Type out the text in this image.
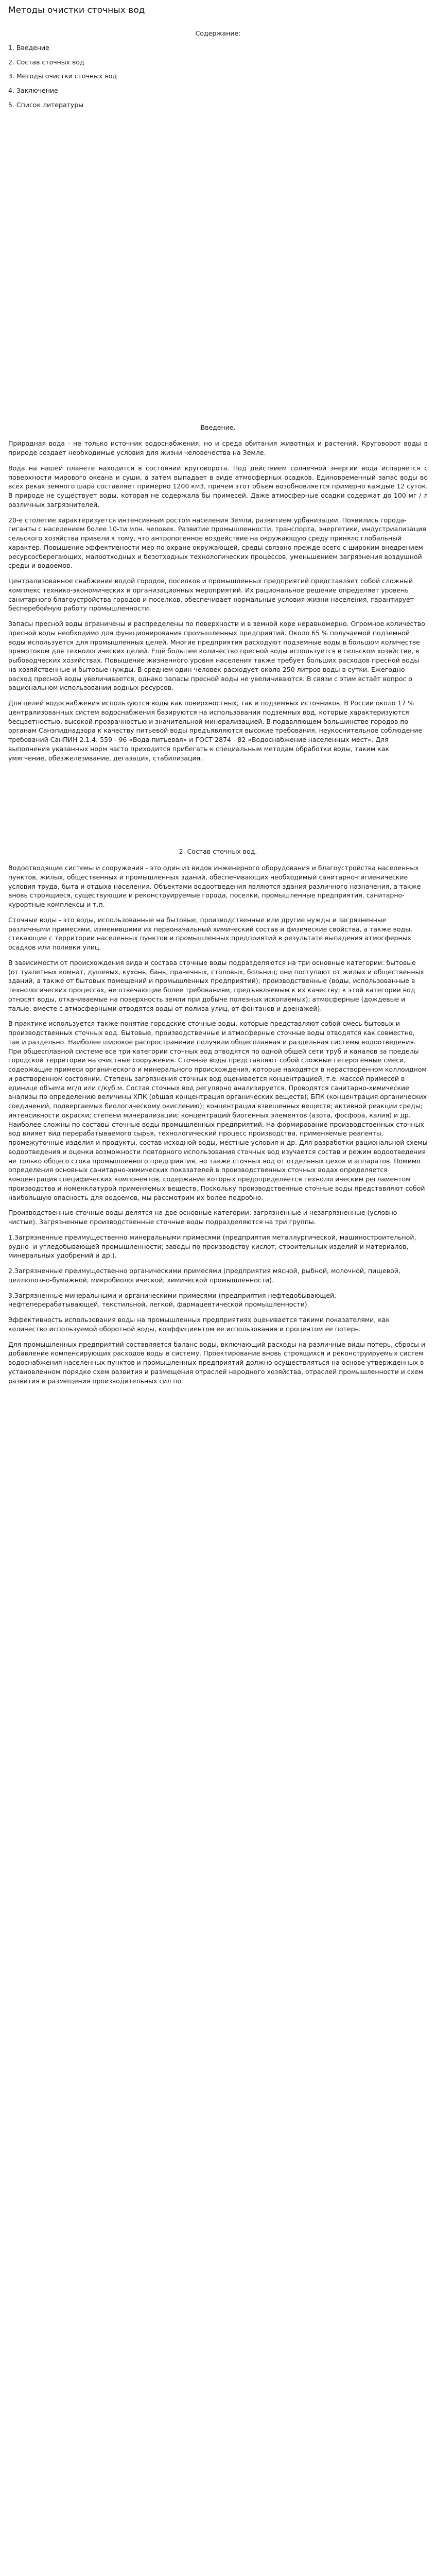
Методы очистки сточных вод
Содержание:
1. Введение
2. Состав сточных вод
3. Методы очистки сточных вод
4. Заключение
5. Список литературы
Введение.

Природная вода - не только источник водоснабжения, но и среда обитания животных и растений. Круговорот воды в природе создает необходимые условия для жизни человечества на Земле.

Вода на нашей планете находится в состоянии круговорота. Под действием солнечной энергии вода испаряется с поверхности мирового океана и суши, а затем выпадает в виде атмосферных осадков. Единовременный запас воды во всех реках земного шара составляет примерно 1200 км3, причем этот объем возобновляется примерно каждые 12 суток. В природе не существует воды, которая не содержала бы примесей. Даже атмосферные осадки содержат до 100 мг / л различных загрязнителей.

20-е столетие характеризуется интенсивным ростом населения Земли, развитием урбанизации. Появились города-гиганты с населением более 10-ти млн. человек. Развитие промышленности, транспорта, энергетики, индустриализация сельского хозяйства привели к тому, что антропогенное воздействие на окружающую среду приняло глобальный характер. Повышение эффективности мер по охране окружающей, среды связано прежде всего с широким внедрением ресурсосберегающих, малоотходных и безотходных технологических процессов, уменьшением загрязнения воздушной среды и водоемов.

Централизованное снабжение водой городов, поселков и промышленных предприятий представляет собой сложный комплекс технико-экономических и организационных мероприятий. Их рациональное решение определяет уровень санитарного благоустройства городов и поселков, обеспечивает нормальные условия жизни населения, гарантирует бесперебойную работу промышленности.

Запасы пресной воды ограничены и распределены по поверхности и в земной коре неравномерно. Огромное количество пресной воды необходимо для функционирования промышленных предприятий. Около 65 % получаемой подземной воды используется для промышленных целей. Многие предприятия расходуют подземные воды в большом количестве прямотоком для технологических целей. Ещё большее количество пресной воды используется в сельском хозяйстве, в рыбоводческих хозяйствах. Повышение жизненного уровня населения также требует больших расходов пресной воды на хозяйственные и бытовые нужды. В среднем один человек расходует около 250 литров воды в сутки. Ежегодно расход пресной воды увеличивается, однако запасы пресной воды не увеличиваются. В связи с этим встаёт вопрос о рациональном использовании водных ресурсов.

Для целей водоснабжения используются воды как поверхностных, так и подземных источников. В России около 17 % централизованных систем водоснабжения базируются на использовании подземных вод, которые характеризуются бесцветностью, высокой прозрачностью и значительной минерализацией. В подавляющем большинстве городов по органам Санэпиднадзора к качеству питьевой воды предъявляются высокие требования, неукоснительное соблюдение требований СанПИН 2.1.4. 559 - 96 «Вода питьевая» и ГОСТ 2874 - 82 «Водоснабжение населенных мест». Для выполнения указанных норм часто приходится прибегать к специальным методам обработки воды, таким как умягчение, обезжелезивание, дегазация, стабилизация.

2. Состав сточных вод.

Водоотводящие системы и сооружения - это один из видов инженерного оборудования и благоустройства населенных пунктов, жилых, общественных и промышленных зданий, обеспечивающих необходимый санитарно-гигиенические условия труда, быта и отдыха населения. Объектами водоотведения являются здания различного назначения, а также вновь строящиеся, существующие и реконструируемые города, поселки, промышленные предприятия, санитарно-курортные комплексы и т.п.

Сточные воды - это воды, использованные на бытовые, производственные или другие нужды и загрязненные различными примесями, изменившими их первоначальный химический состав и физические свойства, а также воды, стекающие с территории населенных пунктов и промышленных предприятий в результате выпадения атмосферных осадков или поливки улиц.

В зависимости от происхождения вида и состава сточные воды подразделяются на три основные категории: бытовые (от туалетных комнат, душевых, кухонь, бань, прачечных, столовых, больниц; они поступают от жилых и общественных зданий, а также от бытовых помещений и промышленных предприятий); производственные (воды, использованные в технологических процессах, не отвечающие более требованиям, предъявляемым к их качеству; к этой категории вод относят воды, откачиваемые на поверхность земли при добыче полезных ископаемых); атмосферные (дождевые и талые; вместе с атмосферными отводятся воды от полива улиц, от фонтанов и дренажей).

В практике используется также понятие городские сточные воды, которые представляют собой смесь бытовых и производственных сточных вод. Бытовые, производственные и атмосферные сточные воды отводятся как совместно, так и раздельно. Наиболее широкое распространение получили общесплавная и раздельная системы водоотведения. При общесплавной системе все три категории сточных вод отводятся по одной общей сети труб и каналов за пределы городской территории на очистные сооружения. Сточные воды представляют собой сложные гетерогенные смеси, содержащие примеси органического и минерального происхождения, которые находятся в нерастворенном коллоидном и растворенном состоянии. Степень загрязнения сточных вод оценивается концентрацией, т.е. массой примесей в единице объема мг/л или г/куб.м. Состав сточных вод регулярно анализируется. Проводятся санитарно-химические анализы по определению величины ХПК (общая концентрация органических веществ); БПК (концентрация органических соединений, подвергаемых биологическому окислению); концентрации взвешенных веществ; активной реакции среды; интенсивности окраски; степени минерализации; концентраций биогенных элементов (азота, фосфора, калия) и др. Наиболее сложны по составы сточные воды промышленных предприятий. На формирование производственных сточных вод влияет вид перерабатываемого сырья, технологический процесс производства, применяемые реагенты, промежуточные изделия и продукты, состав исходной воды, местные условия и др. Для разработки рациональной схемы водоотведения и оценки возможности повторного использования сточных вод изучается состав и режим водоотведения не только общего стока промышленного предприятия, но также сточных вод от отдельных цехов и аппаратов. Помимо определения основных санитарно-химических показателей в производственных сточных водах определяется концентрация специфических компонентов, содержание которых предопределяется технологическим регламентом производства и номенклатурой применяемых веществ. Поскольку производственные сточные воды представляют собой наибольшую опасность для водоемов, мы рассмотрим их более подробно.

Производственные сточные воды делятся на две основные категории: загрязненные и незагрязненные (условно чистые). Загрязненные производственные сточные воды подразделяются на три группы.

1.Загрязненные преимущественно минеральными примесями (предприятия металлургической, машиностроительной, рудно- и угледобывающей промышленности; заводы по производству кислот, строительных изделий и материалов, минеральных удобрений и др.).

2.Загрязненные преимущественно органическими примесями (предприятия мясной, рыбной, молочной, пищевой, целлюлозно-бумажной, микробиологической, химической промышленности).

3.Загрязненные минеральными и органическими примесями (предприятия нефтедобывающей, нефтеперерабатывающей, текстильной, легкой, фармацевтической промышленности).

Эффективность использования воды на промышленных предприятиях оценивается такими показателями, как количество используемой оборотной воды, коэффициентом ее использования и процентом ее потерь.

Для промышленных предприятий составляется баланс воды, включающий расходы на различные виды потерь, сбросы и добавление компенсирующих расходов воды в систему. Проектирование вновь строящихся и реконструируемых систем водоснабжения населенных пунктов и промышленных предприятий должно осуществляться на основе утвержденных в установленном порядке схем развития и размещения отраслей народного хозяйства, отраслей промышленности и схем развития и размещения производительных сил по
